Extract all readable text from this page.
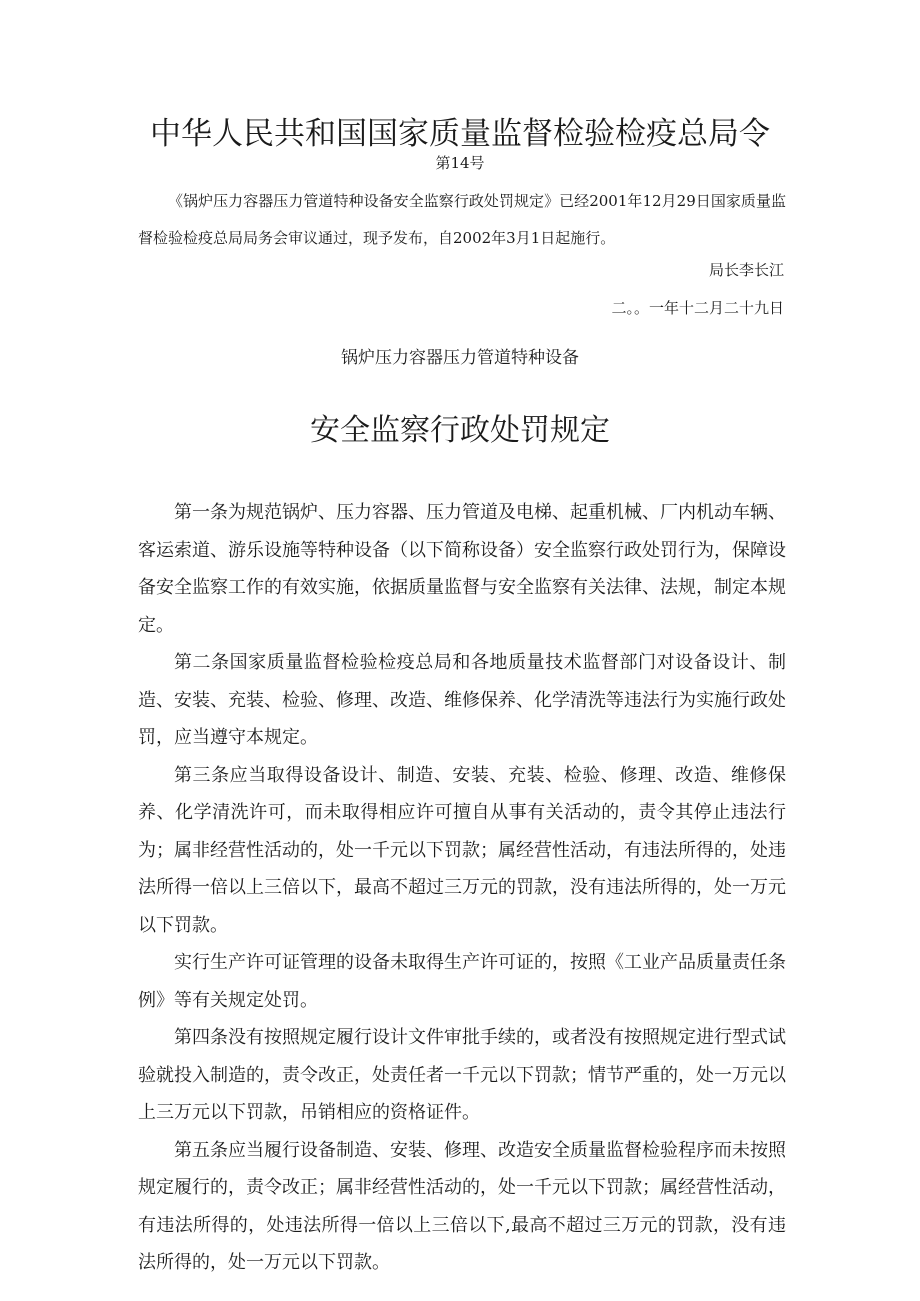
中华人民共和国国家质量监督检验检疫总局令
第14号
《锅炉压力容器压力管道特种设备安全监察行政处罚规定》已经2001年12月29日国家质量监督检验检疫总局局务会审议通过，现予发布，自2002年3月1日起施行。
局长李长江
二。。一年十二月二十九日
锅炉压力容器压力管道特种设备
安全监察行政处罚规定

第一条为规范锅炉、压力容器、压力管道及电梯、起重机械、厂内机动车辆、客运索道、游乐设施等特种设备（以下简称设备）安全监察行政处罚行为，保障设备安全监察工作的有效实施，依据质量监督与安全监察有关法律、法规，制定本规定。

第二条国家质量监督检验检疫总局和各地质量技术监督部门对设备设计、制造、安装、充装、检验、修理、改造、维修保养、化学清洗等违法行为实施行政处罚，应当遵守本规定。

第三条应当取得设备设计、制造、安装、充装、检验、修理、改造、维修保养、化学清洗许可，而未取得相应许可擅自从事有关活动的，责令其停止违法行为；属非经营性活动的，处一千元以下罚款；属经营性活动，有违法所得的，处违法所得一倍以上三倍以下，最高不超过三万元的罚款，没有违法所得的，处一万元以下罚款。

实行生产许可证管理的设备未取得生产许可证的，按照《工业产品质量责任条例》等有关规定处罚。

第四条没有按照规定履行设计文件审批手续的，或者没有按照规定进行型式试验就投入制造的，责令改正，处责任者一千元以下罚款；情节严重的，处一万元以上三万元以下罚款，吊销相应的资格证件。

第五条应当履行设备制造、安装、修理、改造安全质量监督检验程序而未按照规定履行的，责令改正；属非经营性活动的，处一千元以下罚款；属经营性活动，有违法所得的，处违法所得一倍以上三倍以下,最高不超过三万元的罚款，没有违法所得的，处一万元以下罚款。
